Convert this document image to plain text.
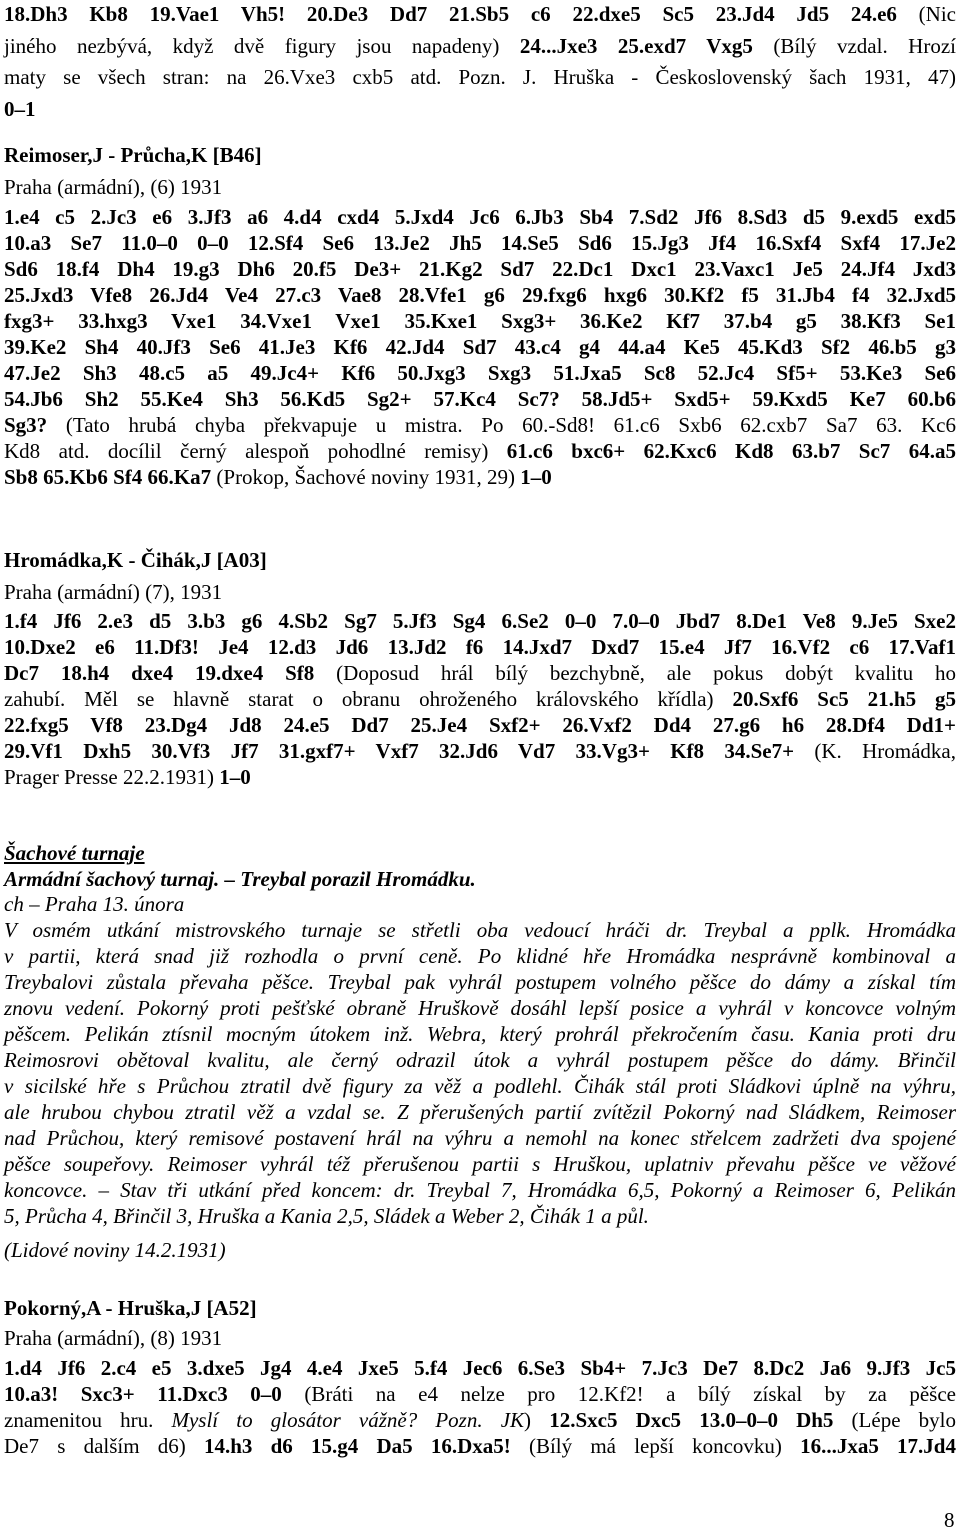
18.Dh3 Kb8 19.Vae1 Vh5! 20.De3 Dd7 21.Sb5 c6 22.dxe5 Sc5 23.Jd4 Jd5 24.e6 (Nic
jiného nezbývá, když dvě figury jsou napadeny) 24...Jxe3 25.exd7 Vxg5 (Bílý vzdal. Hrozí
maty se všech stran: na 26.Vxe3 cxb5 atd. Pozn. J. Hruška - Československý šach 1931, 47)
0–1
Reimoser,J - Průcha,K [B46]
Praha (armádní), (6) 1931
1.e4 c5 2.Jc3 e6 3.Jf3 a6 4.d4 cxd4 5.Jxd4 Jc6 6.Jb3 Sb4 7.Sd2 Jf6 8.Sd3 d5 9.exd5 exd5
10.a3 Se7 11.0–0 0–0 12.Sf4 Se6 13.Je2 Jh5 14.Se5 Sd6 15.Jg3 Jf4 16.Sxf4 Sxf4 17.Je2
Sd6 18.f4 Dh4 19.g3 Dh6 20.f5 De3+ 21.Kg2 Sd7 22.Dc1 Dxc1 23.Vaxc1 Je5 24.Jf4 Jxd3
25.Jxd3 Vfe8 26.Jd4 Ve4 27.c3 Vae8 28.Vfe1 g6 29.fxg6 hxg6 30.Kf2 f5 31.Jb4 f4 32.Jxd5
fxg3+ 33.hxg3 Vxe1 34.Vxe1 Vxe1 35.Kxe1 Sxg3+ 36.Ke2 Kf7 37.b4 g5 38.Kf3 Se1
39.Ke2 Sh4 40.Jf3 Se6 41.Je3 Kf6 42.Jd4 Sd7 43.c4 g4 44.a4 Ke5 45.Kd3 Sf2 46.b5 g3
47.Je2 Sh3 48.c5 a5 49.Jc4+ Kf6 50.Jxg3 Sxg3 51.Jxa5 Sc8 52.Jc4 Sf5+ 53.Ke3 Se6
54.Jb6 Sh2 55.Ke4 Sh3 56.Kd5 Sg2+ 57.Kc4 Sc7? 58.Jd5+ Sxd5+ 59.Kxd5 Ke7 60.b6
Sg3? (Tato hrubá chyba překvapuje u mistra. Po 60.-Sd8! 61.c6 Sxb6 62.cxb7 Sa7 63. Kc6
Kd8 atd. docílil černý alespoň pohodlné remisy) 61.c6 bxc6+ 62.Kxc6 Kd8 63.b7 Sc7 64.a5
Sb8 65.Kb6 Sf4 66.Ka7 (Prokop, Šachové noviny 1931, 29) 1–0
Hromádka,K - Čihák,J [A03]
Praha (armádní) (7), 1931
1.f4 Jf6 2.e3 d5 3.b3 g6 4.Sb2 Sg7 5.Jf3 Sg4 6.Se2 0–0 7.0–0 Jbd7 8.De1 Ve8 9.Je5 Sxe2
10.Dxe2 e6 11.Df3! Je4 12.d3 Jd6 13.Jd2 f6 14.Jxd7 Dxd7 15.e4 Jf7 16.Vf2 c6 17.Vaf1
Dc7 18.h4 dxe4 19.dxe4 Sf8 (Doposud hrál bílý bezchybně, ale pokus dobýt kvalitu ho
zahubí. Měl se hlavně starat o obranu ohroženého královského křídla) 20.Sxf6 Sc5 21.h5 g5
22.fxg5 Vf8 23.Dg4 Jd8 24.e5 Dd7 25.Je4 Sxf2+ 26.Vxf2 Dd4 27.g6 h6 28.Df4 Dd1+
29.Vf1 Dxh5 30.Vf3 Jf7 31.gxf7+ Vxf7 32.Jd6 Vd7 33.Vg3+ Kf8 34.Se7+ (K. Hromádka,
Prager Presse 22.2.1931) 1–0
Šachové turnaje
Armádní šachový turnaj. – Treybal porazil Hromádku.
ch – Praha 13. února
V osmém utkání mistrovského turnaje se střetli oba vedoucí hráči dr. Treybal a pplk. Hromádka
v partii, která snad již rozhodla o první ceně. Po klidné hře Hromádka nesprávně kombinoval a
Treybalovi zůstala převaha pěšce. Treybal pak vyhrál postupem volného pěšce do dámy a získal tím
znovu vedení. Pokorný proti pešťské obraně Hruškově dosáhl lepší posice a vyhrál v koncovce volným
pěšcem. Pelikán ztísnil mocným útokem inž. Webra, který prohrál překročením času. Kania proti dru
Reimosrovi obětoval kvalitu, ale černý odrazil útok a vyhrál postupem pěšce do dámy. Břinčil
v sicilské hře s Průchou ztratil dvě figury za věž a podlehl. Čihák stál proti Sládkovi úplně na výhru,
ale hrubou chybou ztratil věž a vzdal se. Z přerušených partií zvítězil Pokorný nad Sládkem, Reimoser
nad Průchou, který remisové postavení hrál na výhru a nemohl na konec střelcem zadržeti dva spojené
pěšce soupeřovy. Reimoser vyhrál též přerušenou partii s Hruškou, uplatniv převahu pěšce ve věžové
koncovce. – Stav tři utkání před koncem: dr. Treybal 7, Hromádka 6,5, Pokorný a Reimoser 6, Pelikán
5, Průcha 4, Břinčil 3, Hruška a Kania 2,5, Sládek a Weber 2, Čihák 1 a půl.
(Lidové noviny 14.2.1931)
Pokorný,A - Hruška,J [A52]
Praha (armádní), (8) 1931
1.d4 Jf6 2.c4 e5 3.dxe5 Jg4 4.e4 Jxe5 5.f4 Jec6 6.Se3 Sb4+ 7.Jc3 De7 8.Dc2 Ja6 9.Jf3 Jc5
10.a3! Sxc3+ 11.Dxc3 0–0 (Bráti na e4 nelze pro 12.Kf2! a bílý získal by za pěšce
znamenitou hru. Myslí to glosátor vážně? Pozn. JK) 12.Sxc5 Dxc5 13.0–0–0 Dh5 (Lépe bylo
De7 s dalším d6) 14.h3 d6 15.g4 Da5 16.Dxa5! (Bílý má lepší koncovku) 16...Jxa5 17.Jd4
8
